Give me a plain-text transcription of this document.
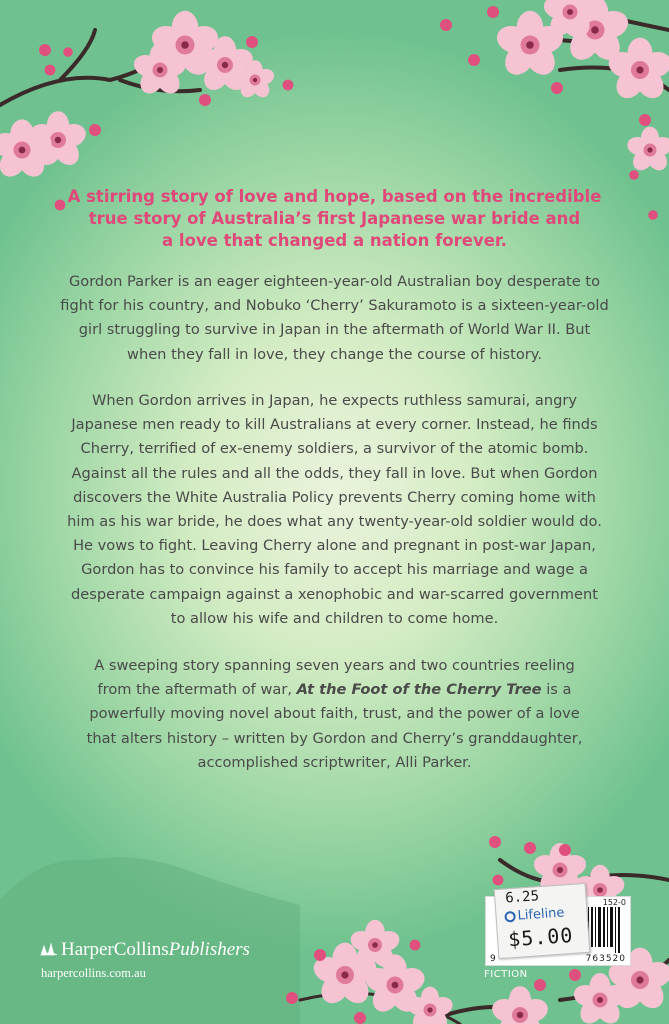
A stirring story of love and hope, based on the incredible
true story of Australia’s first Japanese war bride and
a love that changed a nation forever.
Gordon Parker is an eager eighteen-year-old Australian boy desperate to
fight for his country, and Nobuko ‘Cherry’ Sakuramoto is a sixteen-year-old
girl struggling to survive in Japan in the aftermath of World War II. But
when they fall in love, they change the course of history.
When Gordon arrives in Japan, he expects ruthless samurai, angry
Japanese men ready to kill Australians at every corner. Instead, he finds
Cherry, terrified of ex-enemy soldiers, a survivor of the atomic bomb.
Against all the rules and all the odds, they fall in love. But when Gordon
discovers the White Australia Policy prevents Cherry coming home with
him as his war bride, he does what any twenty-year-old soldier would do.
He vows to fight. Leaving Cherry alone and pregnant in post-war Japan,
Gordon has to convince his family to accept his marriage and wage a
desperate campaign against a xenophobic and war-scarred government
to allow his wife and children to come home.
A sweeping story spanning seven years and two countries reeling
from the aftermath of war, At the Foot of the Cherry Tree is a
powerfully moving novel about faith, trust, and the power of a love
that alters history – written by Gordon and Cherry’s granddaughter,
accomplished scriptwriter, Alli Parker.
HarperCollinsPublishers
harpercollins.com.au
152-0
9	763520
6.25
Lifeline
$5.00
FICTION
